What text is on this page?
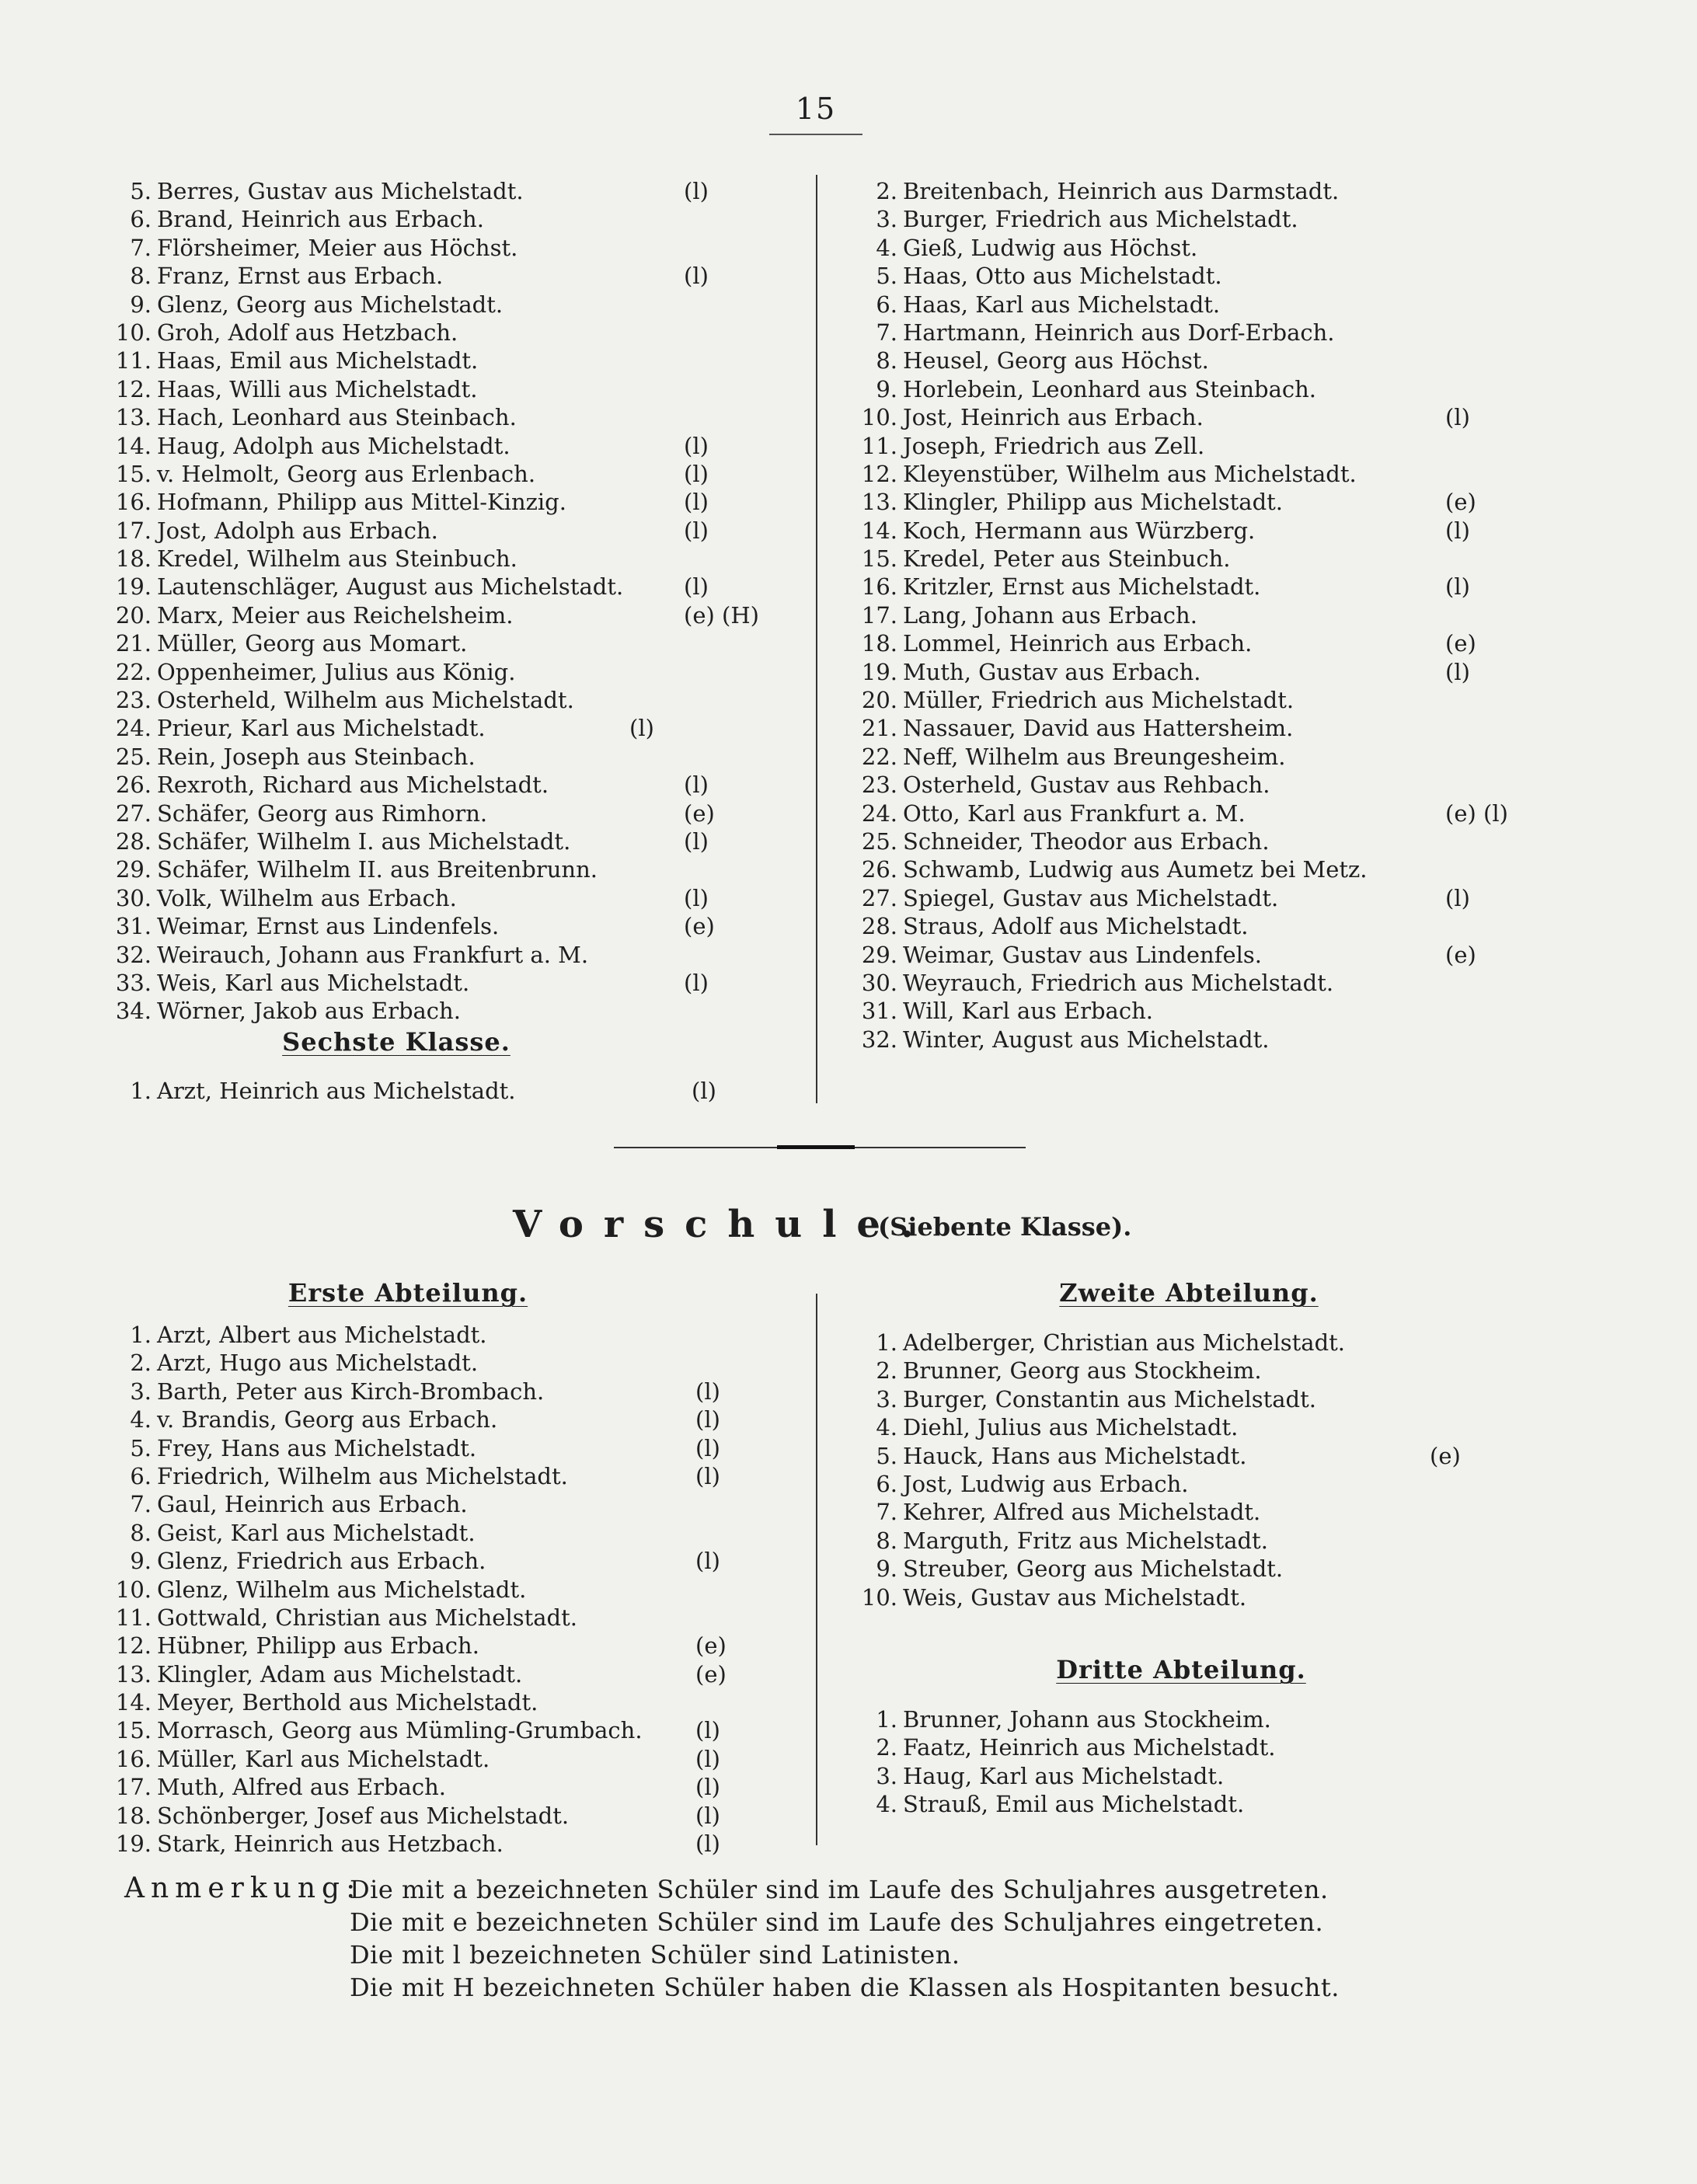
15
5. Berres, Gustav aus Michelstadt.	(l)
6. Brand, Heinrich aus Erbach.
7. Flörsheimer, Meier aus Höchst.
8. Franz, Ernst aus Erbach.	(l)
9. Glenz, Georg aus Michelstadt.
10. Groh, Adolf aus Hetzbach.
11. Haas, Emil aus Michelstadt.
12. Haas, Willi aus Michelstadt.
13. Hach, Leonhard aus Steinbach.
14. Haug, Adolph aus Michelstadt.	(l)
15. v. Helmolt, Georg aus Erlenbach.	(l)
16. Hofmann, Philipp aus Mittel-Kinzig.	(l)
17. Jost, Adolph aus Erbach.	(l)
18. Kredel, Wilhelm aus Steinbuch.
19. Lautenschläger, August aus Michelstadt.	(l)
20. Marx, Meier aus Reichelsheim.	(e) (H)
21. Müller, Georg aus Momart.
22. Oppenheimer, Julius aus König.
23. Osterheld, Wilhelm aus Michelstadt.
24. Prieur, Karl aus Michelstadt.	(l)
25. Rein, Joseph aus Steinbach.
26. Rexroth, Richard aus Michelstadt.	(l)
27. Schäfer, Georg aus Rimhorn.	(e)
28. Schäfer, Wilhelm I. aus Michelstadt.	(l)
29. Schäfer, Wilhelm II. aus Breitenbrunn.
30. Volk, Wilhelm aus Erbach.	(l)
31. Weimar, Ernst aus Lindenfels.	(e)
32. Weirauch, Johann aus Frankfurt a. M.
33. Weis, Karl aus Michelstadt.	(l)
34. Wörner, Jakob aus Erbach.
Sechste Klasse.
1. Arzt, Heinrich aus Michelstadt.	(l)
2. Breitenbach, Heinrich aus Darmstadt.
3. Burger, Friedrich aus Michelstadt.
4. Gieß, Ludwig aus Höchst.
5. Haas, Otto aus Michelstadt.
6. Haas, Karl aus Michelstadt.
7. Hartmann, Heinrich aus Dorf-Erbach.
8. Heusel, Georg aus Höchst.
9. Horlebein, Leonhard aus Steinbach.
10. Jost, Heinrich aus Erbach.	(l)
11. Joseph, Friedrich aus Zell.
12. Kleyenstüber, Wilhelm aus Michelstadt.
13. Klingler, Philipp aus Michelstadt.	(e)
14. Koch, Hermann aus Würzberg.	(l)
15. Kredel, Peter aus Steinbuch.
16. Kritzler, Ernst aus Michelstadt.	(l)
17. Lang, Johann aus Erbach.
18. Lommel, Heinrich aus Erbach.	(e)
19. Muth, Gustav aus Erbach.	(l)
20. Müller, Friedrich aus Michelstadt.
21. Nassauer, David aus Hattersheim.
22. Neff, Wilhelm aus Breungesheim.
23. Osterheld, Gustav aus Rehbach.
24. Otto, Karl aus Frankfurt a. M.	(e) (l)
25. Schneider, Theodor aus Erbach.
26. Schwamb, Ludwig aus Aumetz bei Metz.
27. Spiegel, Gustav aus Michelstadt.	(l)
28. Straus, Adolf aus Michelstadt.
29. Weimar, Gustav aus Lindenfels.	(e)
30. Weyrauch, Friedrich aus Michelstadt.
31. Will, Karl aus Erbach.
32. Winter, August aus Michelstadt.
Vorschule.
(Siebente Klasse).
Erste Abteilung.
1. Arzt, Albert aus Michelstadt.
2. Arzt, Hugo aus Michelstadt.
3. Barth, Peter aus Kirch-Brombach.	(l)
4. v. Brandis, Georg aus Erbach.	(l)
5. Frey, Hans aus Michelstadt.	(l)
6. Friedrich, Wilhelm aus Michelstadt.	(l)
7. Gaul, Heinrich aus Erbach.
8. Geist, Karl aus Michelstadt.
9. Glenz, Friedrich aus Erbach.	(l)
10. Glenz, Wilhelm aus Michelstadt.
11. Gottwald, Christian aus Michelstadt.
12. Hübner, Philipp aus Erbach.	(e)
13. Klingler, Adam aus Michelstadt.	(e)
14. Meyer, Berthold aus Michelstadt.
15. Morrasch, Georg aus Mümling-Grumbach. (l)
16. Müller, Karl aus Michelstadt.	(l)
17. Muth, Alfred aus Erbach.	(l)
18. Schönberger, Josef aus Michelstadt.	(l)
19. Stark, Heinrich aus Hetzbach.	(l)
Zweite Abteilung.
1. Adelberger, Christian aus Michelstadt.
2. Brunner, Georg aus Stockheim.
3. Burger, Constantin aus Michelstadt.
4. Diehl, Julius aus Michelstadt.
5. Hauck, Hans aus Michelstadt.	(e)
6. Jost, Ludwig aus Erbach.
7. Kehrer, Alfred aus Michelstadt.
8. Marguth, Fritz aus Michelstadt.
9. Streuber, Georg aus Michelstadt.
10. Weis, Gustav aus Michelstadt.
Dritte Abteilung.
1. Brunner, Johann aus Stockheim.
2. Faatz, Heinrich aus Michelstadt.
3. Haug, Karl aus Michelstadt.
4. Strauß, Emil aus Michelstadt.
Anmerkung:
Die mit a bezeichneten Schüler sind im Laufe des Schuljahres ausgetreten.
Die mit e bezeichneten Schüler sind im Laufe des Schuljahres eingetreten.
Die mit l bezeichneten Schüler sind Latinisten.
Die mit H bezeichneten Schüler haben die Klassen als Hospitanten besucht.
